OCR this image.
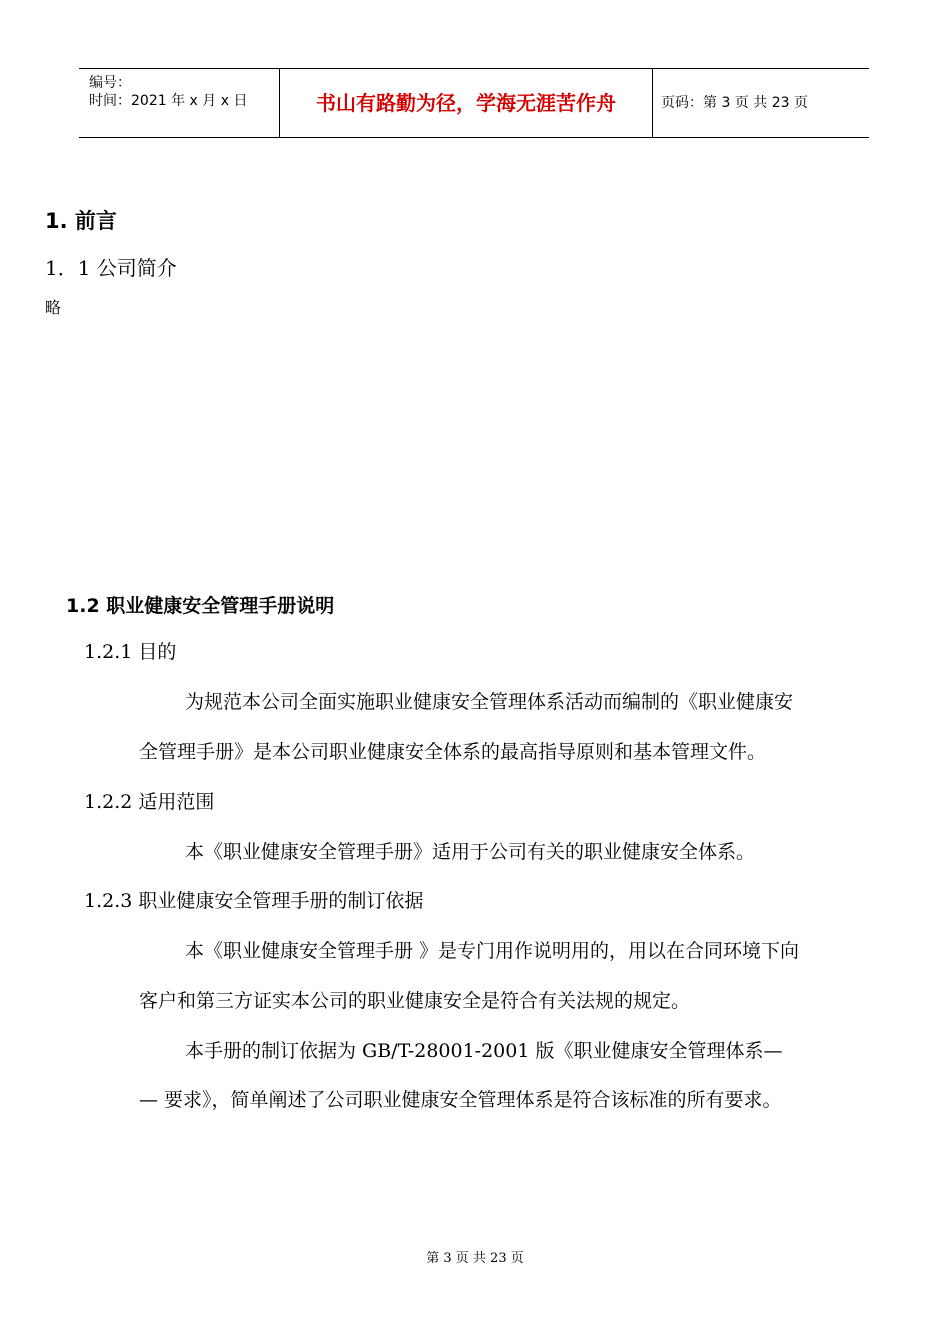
编号：
时间：2021 年 x 月 x 日	书山有路勤为径，学海无涯苦作舟	页码：第 3 页 共 23 页
1. 前言
1．1 公司简介
略
1.2 职业健康安全管理手册说明
1.2.1 目的
为规范本公司全面实施职业健康安全管理体系活动而编制的《职业健康安
全管理手册》是本公司职业健康安全体系的最高指导原则和基本管理文件。
1.2.2 适用范围
本《职业健康安全管理手册》适用于公司有关的职业健康安全体系。
1.2.3 职业健康安全管理手册的制订依据
本《职业健康安全管理手册 》是专门用作说明用的，用以在合同环境下向
客户和第三方证实本公司的职业健康安全是符合有关法规的规定。
本手册的制订依据为 GB/T-28001-2001 版《职业健康安全管理体系—
— 要求》，简单阐述了公司职业健康安全管理体系是符合该标准的所有要求。
第 3 页 共 23 页
